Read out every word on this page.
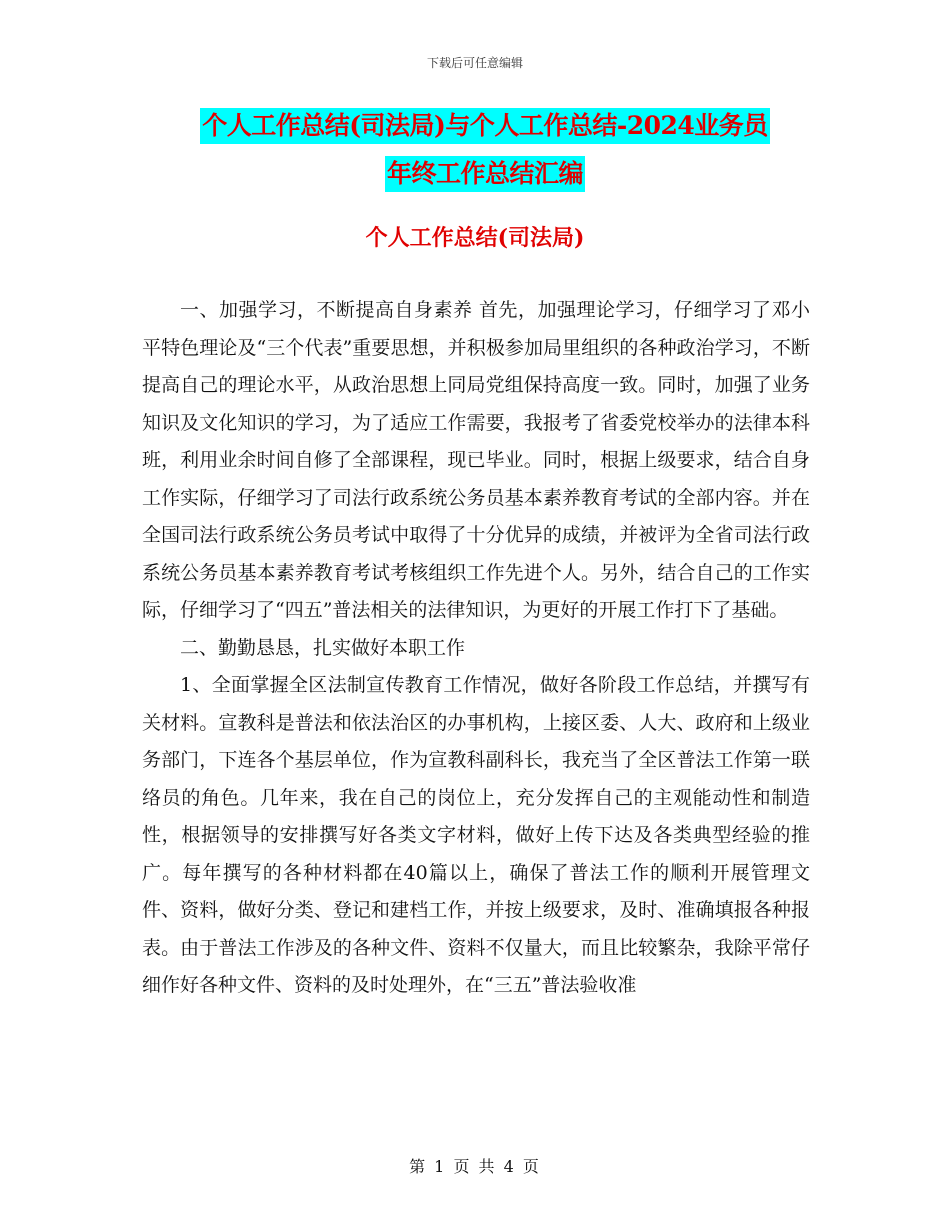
下载后可任意编辑
个人工作总结(司法局)与个人工作总结-2024业务员
年终工作总结汇编
个人工作总结(司法局)

一、加强学习，不断提高自身素养 首先，加强理论学习，仔细学习了邓小平特色理论及“三个代表”重要思想，并积极参加局里组织的各种政治学习，不断提高自己的理论水平，从政治思想上同局党组保持高度一致。同时，加强了业务知识及文化知识的学习，为了适应工作需要，我报考了省委党校举办的法律本科班，利用业余时间自修了全部课程，现已毕业。同时，根据上级要求，结合自身工作实际，仔细学习了司法行政系统公务员基本素养教育考试的全部内容。并在全国司法行政系统公务员考试中取得了十分优异的成绩，并被评为全省司法行政系统公务员基本素养教育考试考核组织工作先进个人。另外，结合自己的工作实际，仔细学习了“四五”普法相关的法律知识，为更好的开展工作打下了基础。

二、勤勤恳恳，扎实做好本职工作

1、全面掌握全区法制宣传教育工作情况，做好各阶段工作总结，并撰写有关材料。宣教科是普法和依法治区的办事机构，上接区委、人大、政府和上级业务部门，下连各个基层单位，作为宣教科副科长，我充当了全区普法工作第一联络员的角色。几年来，我在自己的岗位上，充分发挥自己的主观能动性和制造性，根据领导的安排撰写好各类文字材料，做好上传下达及各类典型经验的推广。每年撰写的各种材料都在40篇以上，确保了普法工作的顺利开展管理文件、资料，做好分类、登记和建档工作，并按上级要求，及时、准确填报各种报表。由于普法工作涉及的各种文件、资料不仅量大，而且比较繁杂，我除平常仔细作好各种文件、资料的及时处理外，在“三五”普法验收准

第 1 页 共 4 页
